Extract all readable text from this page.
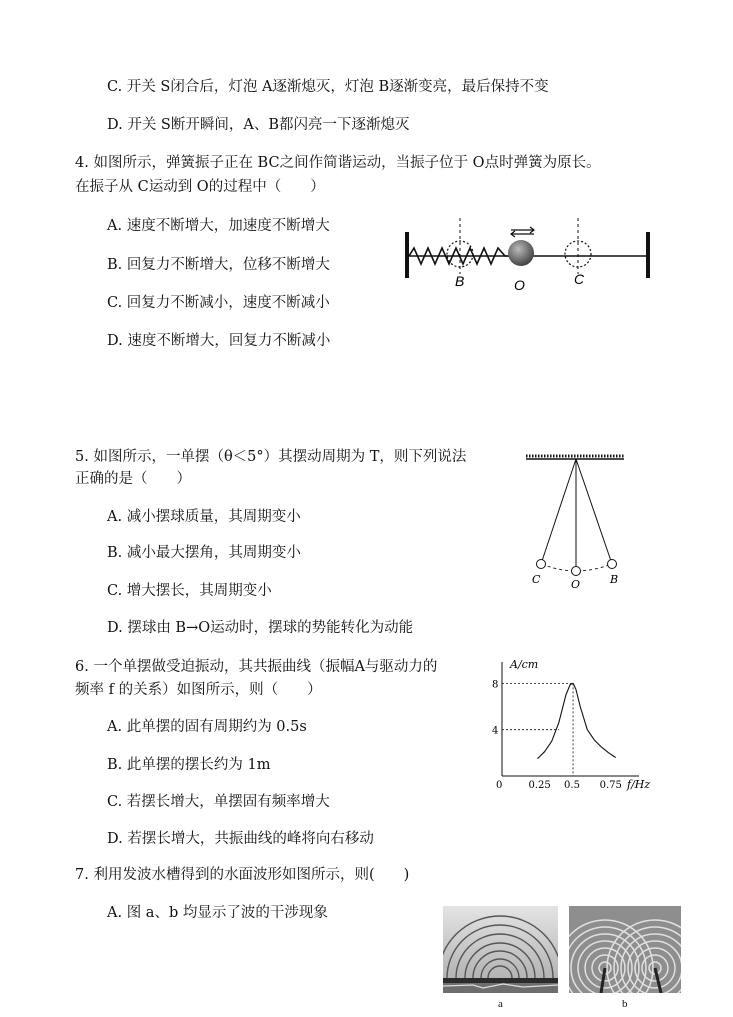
C. 开关 S闭合后，灯泡 A逐渐熄灭，灯泡 B逐渐变亮，最后保持不变
D. 开关 S断开瞬间，A、B都闪亮一下逐渐熄灭
4. 如图所示，弹簧振子正在 BC之间作简谐运动，当振子位于 O点时弹簧为原长。
在振子从 C运动到 O的过程中（　　）
A. 速度不断增大，加速度不断增大
B. 回复力不断增大，位移不断增大
C. 回复力不断减小，速度不断减小
D. 速度不断增大，回复力不断减小
B	O	C
5. 如图所示，一单摆（θ＜5°）其摆动周期为 T，则下列说法
正确的是（　　）
A. 减小摆球质量，其周期变小
B. 减小最大摆角，其周期变小
C. 增大摆长，其周期变小
D. 摆球由 B→O运动时，摆球的势能转化为动能
C	O	B
6. 一个单摆做受迫振动，其共振曲线（振幅A与驱动力的
频率 f 的关系）如图所示，则（　　）
A. 此单摆的固有周期约为 0.5s
B. 此单摆的摆长约为 1m
C. 若摆长增大，单摆固有频率增大
D. 若摆长增大，共振曲线的峰将向右移动
A/cm
f/Hz
0	0.25 0.5 0.75
4
8
7. 利用发波水槽得到的水面波形如图所示，则(　　)
A. 图 a、b 均显示了波的干涉现象
a	b
